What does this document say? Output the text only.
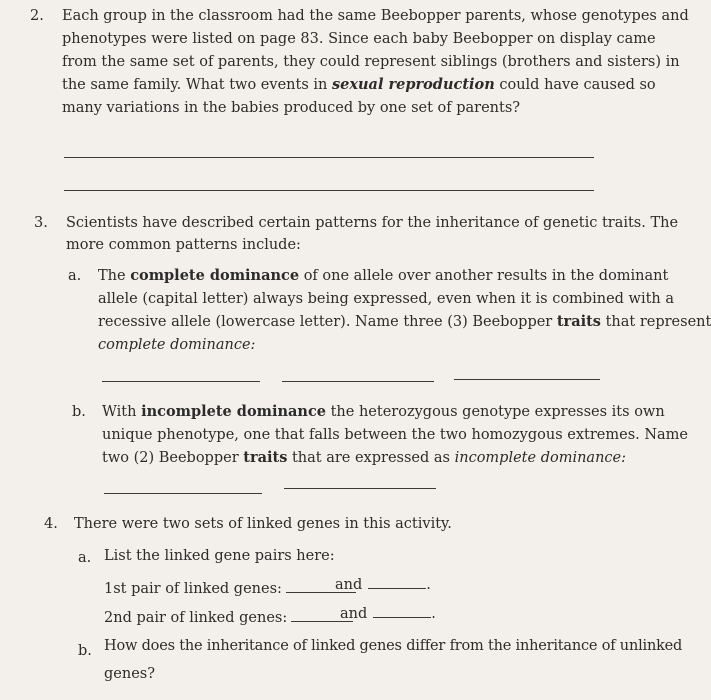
2. Each group in the classroom had the same Beebopper parents, whose genotypes and
phenotypes were listed on page 83. Since each baby Beebopper on display came
from the same set of parents, they could represent siblings (brothers and sisters) in
the same family. What two events in sexual reproduction could have caused so
many variations in the babies produced by one set of parents?
3. Scientists have described certain patterns for the inheritance of genetic traits. The
more common patterns include:
a. The complete dominance of one allele over another results in the dominant
allele (capital letter) always being expressed, even when it is combined with a
recessive allele (lowercase letter). Name three (3) Beebopper traits that represent
complete dominance:
b. With incomplete dominance the heterozygous genotype expresses its own
unique phenotype, one that falls between the two homozygous extremes. Name
two (2) Beebopper traits that are expressed as incomplete dominance:
4. There were two sets of linked genes in this activity.
a. List the linked gene pairs here:
1st pair of linked genes:	and	.
2nd pair of linked genes:	and	.
b. How does the inheritance of linked genes differ from the inheritance of unlinked
genes?
